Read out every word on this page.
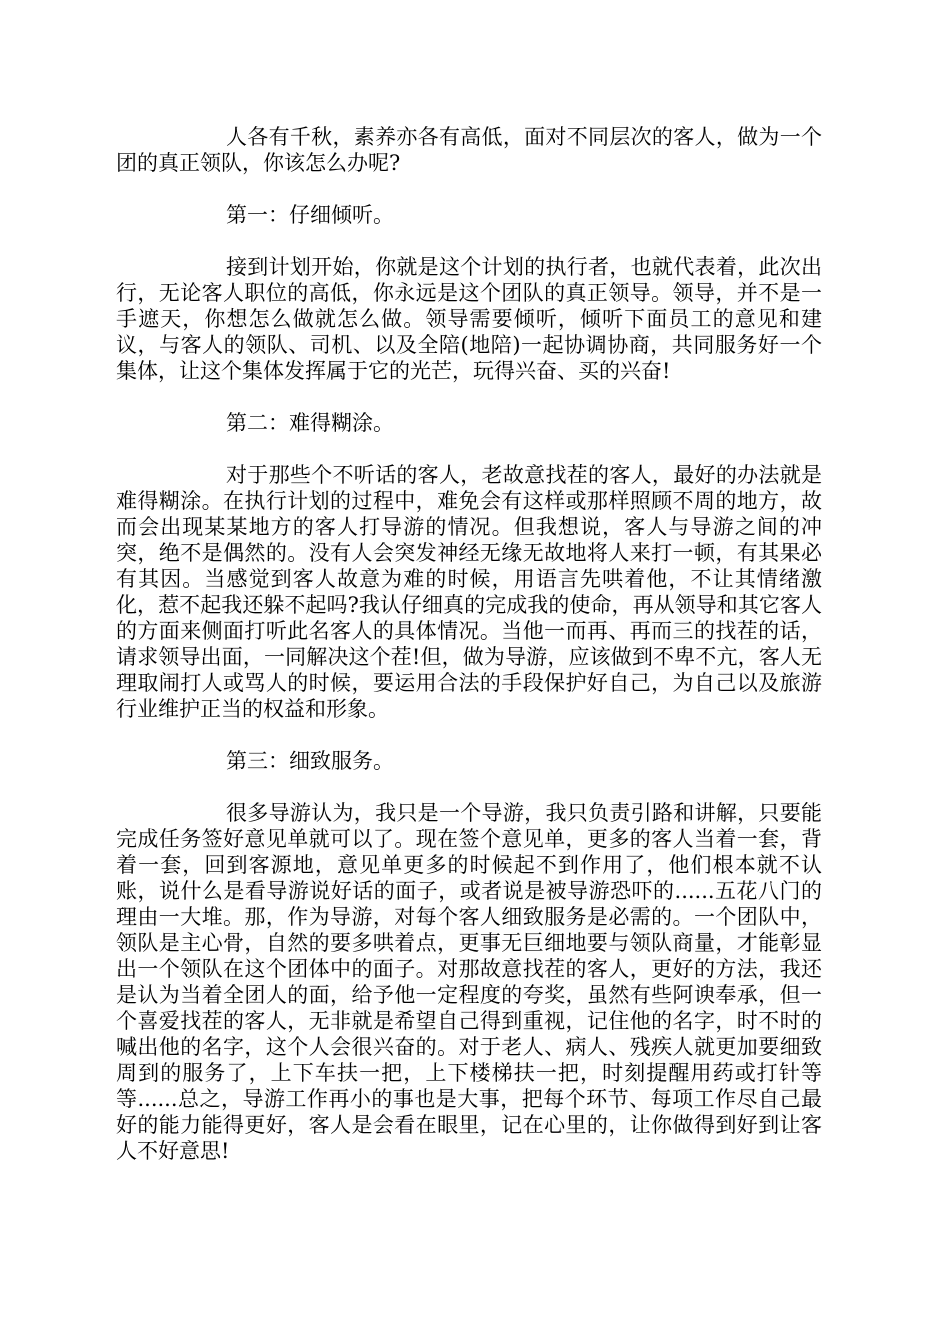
人各有千秋，素养亦各有高低，面对不同层次的客人，做为一个团的真正领队，你该怎么办呢?

第一：仔细倾听。

接到计划开始，你就是这个计划的执行者，也就代表着，此次出行，无论客人职位的高低，你永远是这个团队的真正领导。领导，并不是一手遮天，你想怎么做就怎么做。领导需要倾听，倾听下面员工的意见和建议，与客人的领队、司机、以及全陪(地陪)一起协调协商，共同服务好一个集体，让这个集体发挥属于它的光芒，玩得兴奋、买的兴奋!

第二：难得糊涂。

对于那些个不听话的客人，老故意找茬的客人，最好的办法就是难得糊涂。在执行计划的过程中，难免会有这样或那样照顾不周的地方，故而会出现某某地方的客人打导游的情况。但我想说，客人与导游之间的冲突，绝不是偶然的。没有人会突发神经无缘无故地将人来打一顿，有其果必有其因。当感觉到客人故意为难的时候，用语言先哄着他，不让其情绪激化，惹不起我还躲不起吗?我认仔细真的完成我的使命，再从领导和其它客人的方面来侧面打听此名客人的具体情况。当他一而再、再而三的找茬的话，请求领导出面，一同解决这个茬!但，做为导游，应该做到不卑不亢，客人无理取闹打人或骂人的时候，要运用合法的手段保护好自己，为自己以及旅游行业维护正当的权益和形象。

第三：细致服务。

很多导游认为，我只是一个导游，我只负责引路和讲解，只要能完成任务签好意见单就可以了。现在签个意见单，更多的客人当着一套，背着一套，回到客源地，意见单更多的时候起不到作用了，他们根本就不认账，说什么是看导游说好话的面子，或者说是被导游恐吓的......五花八门的理由一大堆。那，作为导游，对每个客人细致服务是必需的。一个团队中，领队是主心骨，自然的要多哄着点，更事无巨细地要与领队商量，才能彰显出一个领队在这个团体中的面子。对那故意找茬的客人，更好的方法，我还是认为当着全团人的面，给予他一定程度的夸奖，虽然有些阿谀奉承，但一个喜爱找茬的客人，无非就是希望自己得到重视，记住他的名字，时不时的喊出他的名字，这个人会很兴奋的。对于老人、病人、残疾人就更加要细致周到的服务了，上下车扶一把，上下楼梯扶一把，时刻提醒用药或打针等等......总之，导游工作再小的事也是大事，把每个环节、每项工作尽自己最好的能力能得更好，客人是会看在眼里，记在心里的，让你做得到好到让客人不好意思!
